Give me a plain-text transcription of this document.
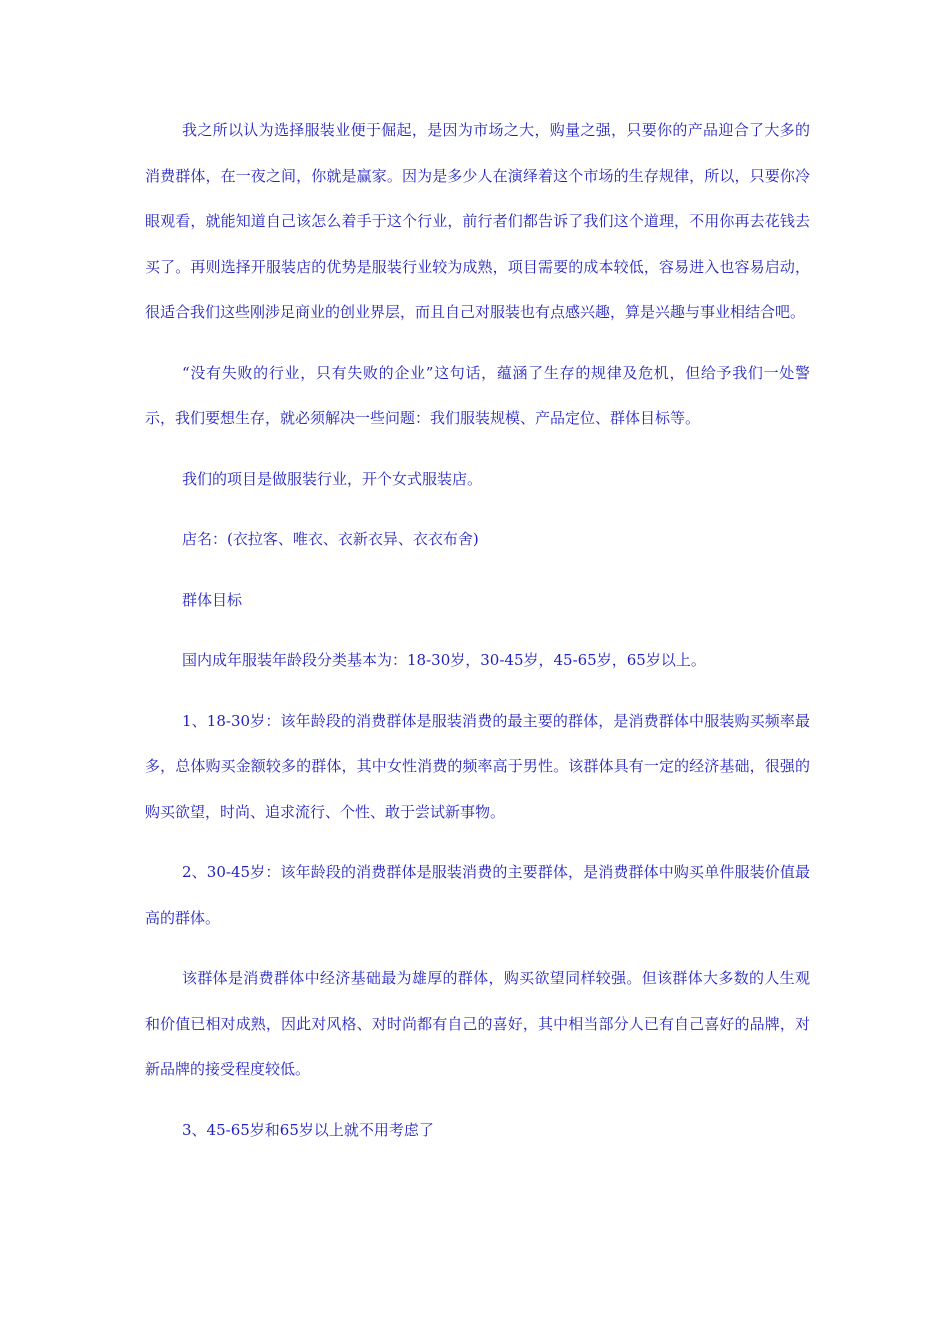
我之所以认为选择服装业便于倔起，是因为市场之大，购量之强，只要你的产品迎合了大多的消费群体，在一夜之间，你就是赢家。因为是多少人在演绎着这个市场的生存规律，所以，只要你冷眼观看，就能知道自己该怎么着手于这个行业，前行者们都告诉了我们这个道理，不用你再去花钱去买了。再则选择开服装店的优势是服装行业较为成熟，项目需要的成本较低，容易进入也容易启动，很适合我们这些刚涉足商业的创业界层，而且自己对服装也有点感兴趣，算是兴趣与事业相结合吧。

“没有失败的行业，只有失败的企业”这句话，蕴涵了生存的规律及危机，但给予我们一处警示，我们要想生存，就必须解决一些问题：我们服装规模、产品定位、群体目标等。

我们的项目是做服装行业，开个女式服装店。

店名：(衣拉客、唯衣、衣新衣异、衣衣布舍)

群体目标

国内成年服装年龄段分类基本为：18-30岁，30-45岁，45-65岁，65岁以上。

1、18-30岁：该年龄段的消费群体是服装消费的最主要的群体，是消费群体中服装购买频率最多，总体购买金额较多的群体，其中女性消费的频率高于男性。该群体具有一定的经济基础，很强的购买欲望，时尚、追求流行、个性、敢于尝试新事物。

2、30-45岁：该年龄段的消费群体是服装消费的主要群体，是消费群体中购买单件服装价值最高的群体。

该群体是消费群体中经济基础最为雄厚的群体，购买欲望同样较强。但该群体大多数的人生观和价值已相对成熟，因此对风格、对时尚都有自己的喜好，其中相当部分人已有自己喜好的品牌，对新品牌的接受程度较低。

3、45-65岁和65岁以上就不用考虑了
